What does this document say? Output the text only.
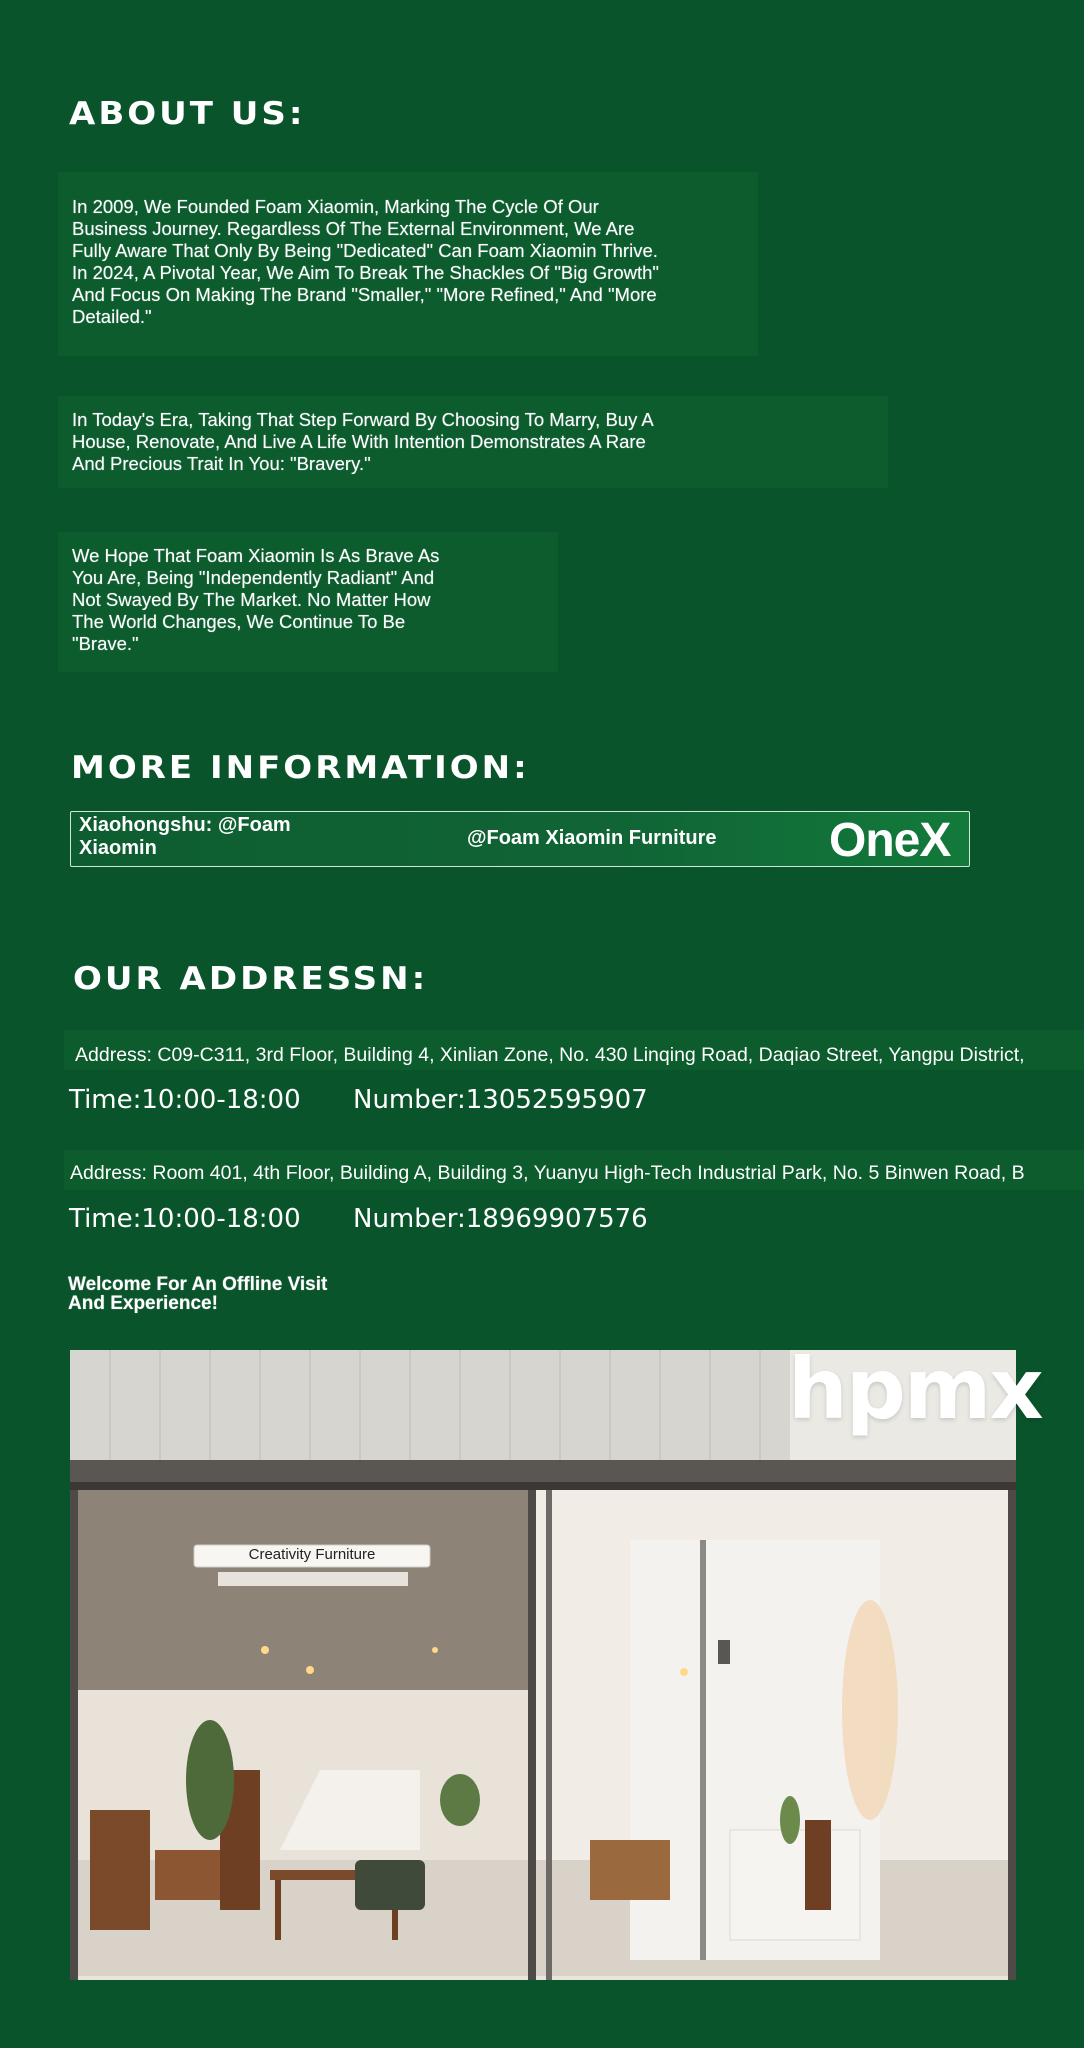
ABOUT US:
In 2009, We Founded Foam Xiaomin, Marking The Cycle Of Our Business Journey. Regardless Of The External Environment, We Are Fully Aware That Only By Being "Dedicated" Can Foam Xiaomin Thrive. In 2024, A Pivotal Year, We Aim To Break The Shackles Of "Big Growth" And Focus On Making The Brand "Smaller," "More Refined," And "More Detailed."
In Today's Era, Taking That Step Forward By Choosing To Marry, Buy A House, Renovate, And Live A Life With Intention Demonstrates A Rare And Precious Trait In You: "Bravery."
We Hope That Foam Xiaomin Is As Brave As You Are, Being "Independently Radiant" And Not Swayed By The Market. No Matter How The World Changes, We Continue To Be "Brave."
MORE INFORMATION:
Xiaohongshu: @Foam Xiaomin	@Foam Xiaomin Furniture OneX
OUR ADDRESSN:
Address: C09-C311, 3rd Floor, Building 4, Xinlian Zone, No. 430 Linqing Road, Daqiao Street, Yangpu District,
Time:10:00-18:00 Number:13052595907
Address: Room 401, 4th Floor, Building A, Building 3, Yuanyu High-Tech Industrial Park, No. 5 Binwen Road, B
Time:10:00-18:00 Number:18969907576
Welcome For An Offline Visit And Experience!
hpmx
Creativity Furniture
